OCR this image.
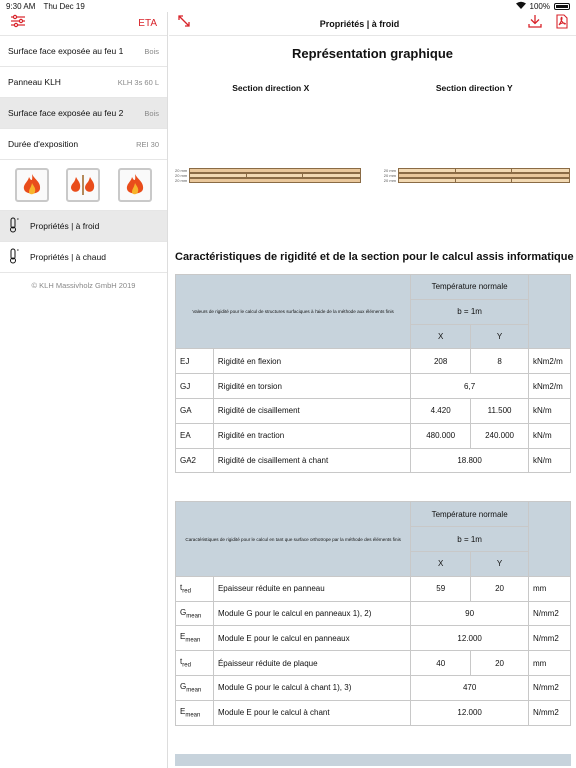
9:30 AM Thu Dec 19	100%
ETA
Surface face exposée au feu 1	Bois
Panneau KLH	KLH 3s 60 L
Surface face exposée au feu 2	Bois
Durée d'exposition	REI 30
° Propriétés | à froid
° Propriétés | à chaud
© KLH Massivholz GmbH 2019
Propriétés | à froid
Représentation graphique
Section direction X	Section direction Y
20 mm
20 mm
20 mm
20 mm
20 mm
20 mm
Caractéristiques de rigidité et de la section pour le calcul assis informatique
Valeurs de rigidité pour le calcul de structures surfaciques à l'aide de la méthode aux éléments finis		Température normale		
		b = 1m		
		X	Y	
EJ	Rigidité en flexion	208	8	kNm2/m
GJ	Rigidité en torsion	6,7		kNm2/m
GA	Rigidité de cisaillement	4.420	11.500	kN/m
EA	Rigidité en traction	480.000	240.000	kN/m
GA2	Rigidité de cisaillement à chant	18.800		kN/m
Caractéristiques de rigidité pour le calcul en tant que surface orthotrope par la méthode des éléments finis		Température normale		
		b = 1m		
		X	Y	
$t_{red}$	Epaisseur réduite en panneau	59	20	mm
$G_{mean}$	Module G pour le calcul en panneaux 1), 2)	90		N/mm2
$E_{mean}$	Module E pour le calcul en panneaux	12.000		N/mm2
$t_{red}$	Épaisseur réduite de plaque	40	20	mm
$G_{mean}$	Module G pour le calcul à chant 1), 3)	470		N/mm2
$E_{mean}$	Module E pour le calcul à chant	12.000		N/mm2
